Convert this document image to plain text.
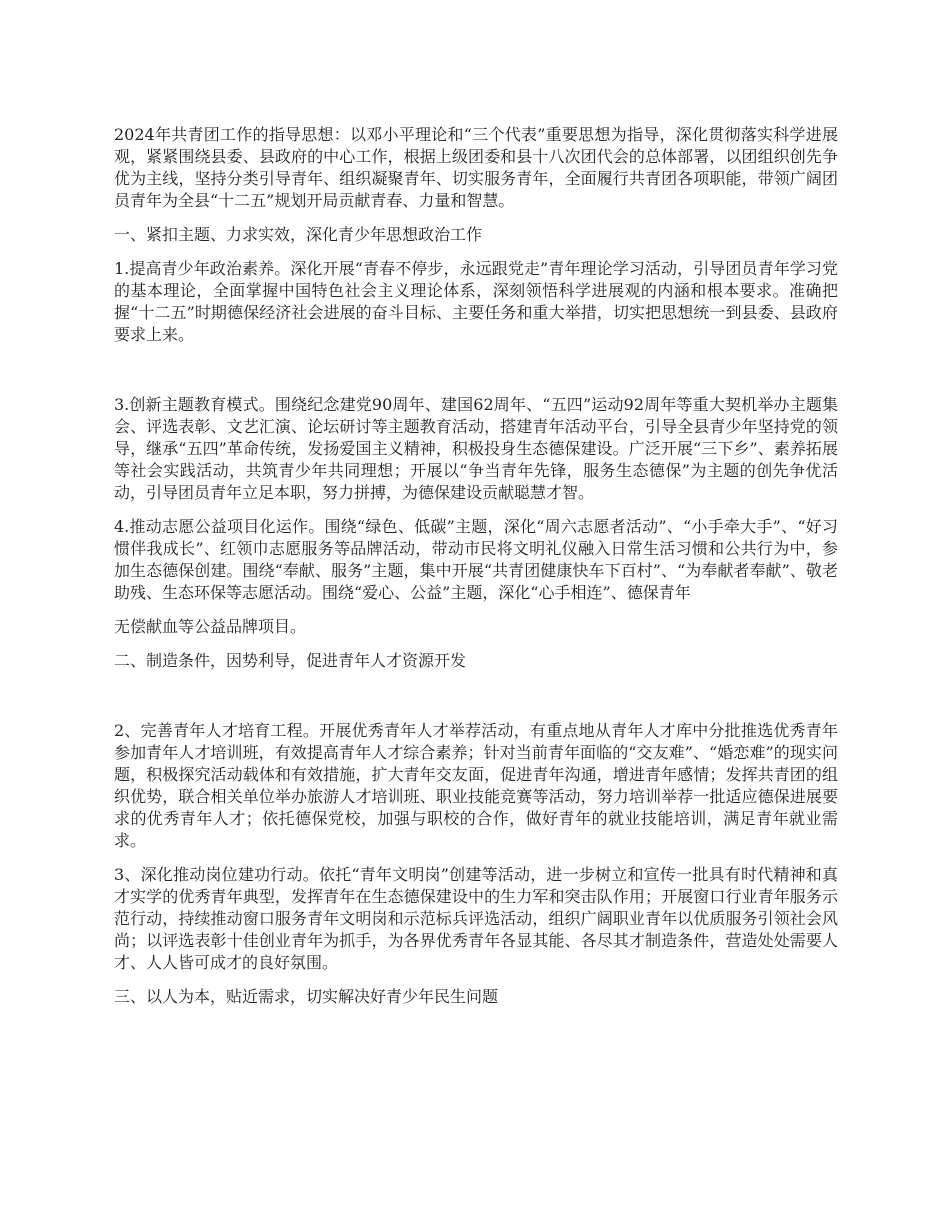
2024年共青团工作的指导思想：以邓小平理论和“三个代表”重要思想为指导，深化贯彻落实科学进展观，紧紧围绕县委、县政府的中心工作，根据上级团委和县十八次团代会的总体部署，以团组织创先争优为主线，坚持分类引导青年、组织凝聚青年、切实服务青年，全面履行共青团各项职能，带领广阔团员青年为全县“十二五”规划开局贡献青春、力量和智慧。

一、紧扣主题、力求实效，深化青少年思想政治工作

1.提高青少年政治素养。深化开展“青春不停步，永远跟党走”青年理论学习活动，引导团员青年学习党的基本理论，全面掌握中国特色社会主义理论体系，深刻领悟科学进展观的内涵和根本要求。准确把握“十二五”时期德保经济社会进展的奋斗目标、主要任务和重大举措，切实把思想统一到县委、县政府要求上来。

3.创新主题教育模式。围绕纪念建党90周年、建国62周年、“五四”运动92周年等重大契机举办主题集会、评选表彰、文艺汇演、论坛研讨等主题教育活动，搭建青年活动平台，引导全县青少年坚持党的领导，继承“五四”革命传统，发扬爱国主义精神，积极投身生态德保建设。广泛开展“三下乡”、素养拓展等社会实践活动，共筑青少年共同理想；开展以“争当青年先锋，服务生态德保”为主题的创先争优活动，引导团员青年立足本职，努力拼搏，为德保建设贡献聪慧才智。

4.推动志愿公益项目化运作。围绕“绿色、低碳”主题，深化“周六志愿者活动”、“小手牵大手”、“好习惯伴我成长”、红领巾志愿服务等品牌活动，带动市民将文明礼仪融入日常生活习惯和公共行为中，参加生态德保创建。围绕“奉献、服务”主题，集中开展“共青团健康快车下百村”、“为奉献者奉献”、敬老助残、生态环保等志愿活动。围绕“爱心、公益”主题，深化“心手相连”、德保青年

无偿献血等公益品牌项目。

二、制造条件，因势利导，促进青年人才资源开发

2、完善青年人才培育工程。开展优秀青年人才举荐活动，有重点地从青年人才库中分批推选优秀青年参加青年人才培训班，有效提高青年人才综合素养；针对当前青年面临的“交友难”、“婚恋难”的现实问题，积极探究活动载体和有效措施，扩大青年交友面，促进青年沟通，增进青年感情；发挥共青团的组织优势，联合相关单位举办旅游人才培训班、职业技能竞赛等活动，努力培训举荐一批适应德保进展要求的优秀青年人才；依托德保党校，加强与职校的合作，做好青年的就业技能培训，满足青年就业需求。

3、深化推动岗位建功行动。依托“青年文明岗”创建等活动，进一步树立和宣传一批具有时代精神和真才实学的优秀青年典型，发挥青年在生态德保建设中的生力军和突击队作用；开展窗口行业青年服务示范行动，持续推动窗口服务青年文明岗和示范标兵评选活动，组织广阔职业青年以优质服务引领社会风尚；以评选表彰十佳创业青年为抓手，为各界优秀青年各显其能、各尽其才制造条件，营造处处需要人才、人人皆可成才的良好氛围。

三、以人为本，贴近需求，切实解决好青少年民生问题
